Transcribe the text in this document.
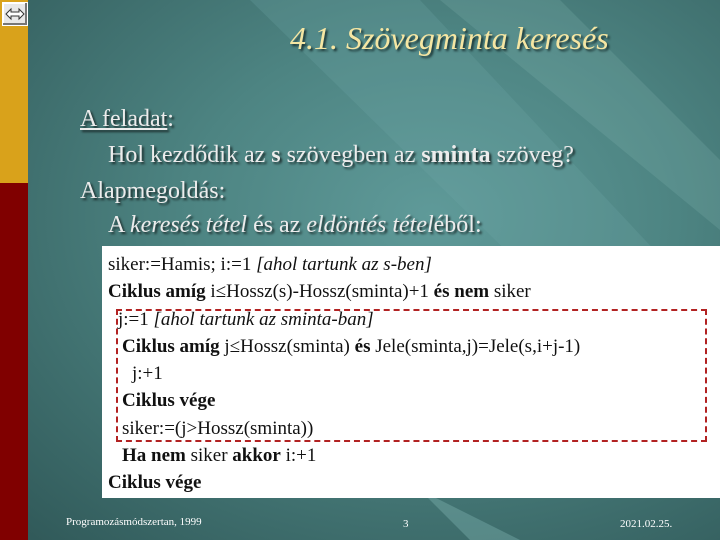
4.1. Szövegminta keresés
A feladat:
Hol kezdődik az s szövegben az sminta szöveg?
Alapmegoldás:
A keresés tétel és az eldöntés tételéből:
siker:=Hamis; i:=1 [ahol tartunk az s-ben]
Ciklus amíg i≤Hossz(s)-Hossz(sminta)+1 és nem siker
j:=1 [ahol tartunk az sminta-ban]
Ciklus amíg j≤Hossz(sminta) és Jele(sminta,j)=Jele(s,i+j-1)
j:+1
Ciklus vége
siker:=(j>Hossz(sminta))
Ha nem siker akkor i:+1
Ciklus vége
Programozásmódszertan, 1999	3	2021.02.25.
